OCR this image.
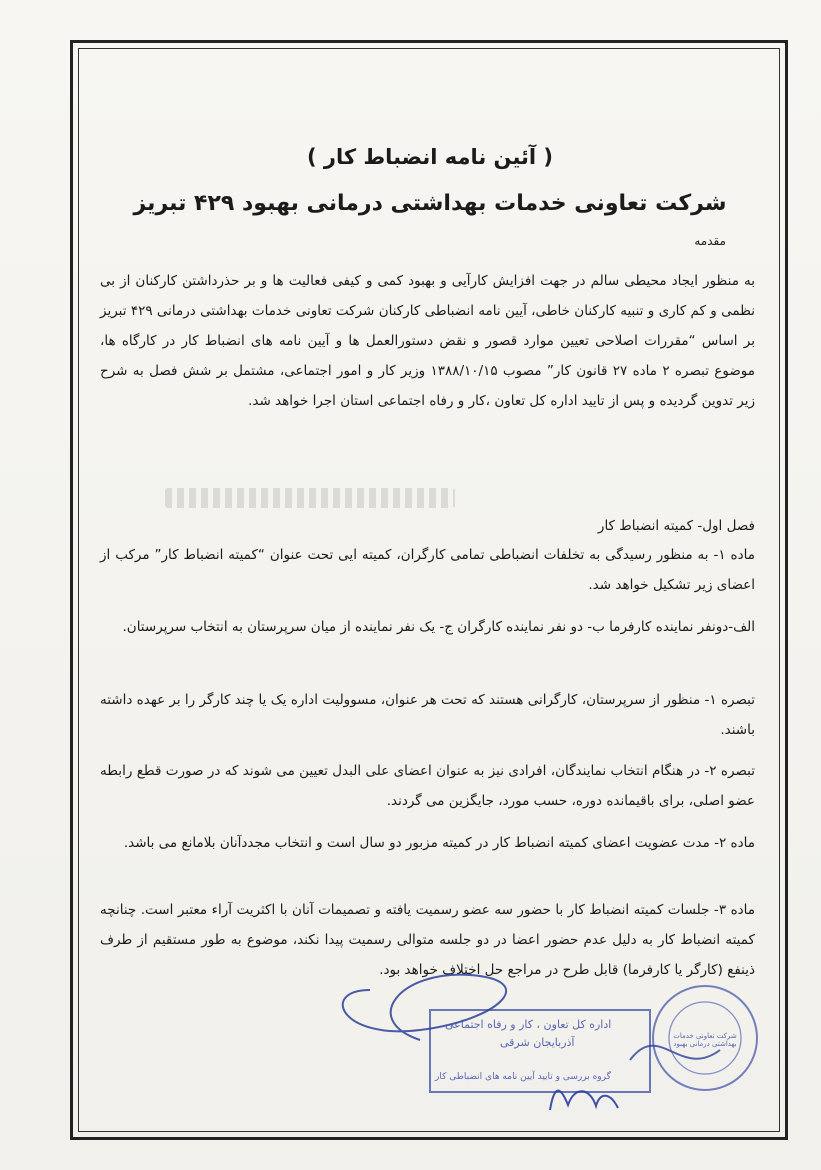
( آئین نامه انضباط کار )
شرکت تعاونی خدمات بهداشتی درمانی بهبود ۴۲۹ تبریز
مقدمه

به منظور ایجاد محیطی سالم در جهت افزایش کارآیی و بهبود کمی و کیفی فعالیت ها و بر حذرداشتن کارکنان از بی نظمی و کم کاری و تنبیه کارکنان خاطی، آیین نامه انضباطی کارکنان شرکت تعاونی خدمات بهداشتی درمانی ۴۲۹ تبریز بر اساس “مقررات اصلاحی تعیین موارد قصور و نقض دستورالعمل ها و آیین نامه های انضباط کار در کارگاه ها، موضوع تبصره ۲ ماده ۲۷ قانون کار” مصوب ۱۳۸۸/۱۰/۱۵ وزیر کار و امور اجتماعی، مشتمل بر شش فصل به شرح زیر تدوین گردیده و پس از تایید اداره کل تعاون ،کار و رفاه اجتماعی استان اجرا خواهد شد.

فصل اول- کمیته انضباط کار

ماده ۱- به منظور رسیدگی به تخلفات انضباطی تمامی کارگران، کمیته ایی تحت عنوان “کمیته انضباط کار” مرکب از اعضای زیر تشکیل خواهد شد.

الف-دونفر نماینده کارفرما ب- دو نفر نماینده کارگران ج- یک نفر نماینده از میان سرپرستان به انتخاب سرپرستان.

تبصره ۱- منظور از سرپرستان، کارگرانی هستند که تحت هر عنوان، مسوولیت اداره یک یا چند کارگر را بر عهده داشته باشند.

تبصره ۲- در هنگام انتخاب نمایندگان، افرادی نیز به عنوان اعضای علی البدل تعیین می شوند که در صورت قطع رابطه عضو اصلی، برای باقیمانده دوره، حسب مورد، جایگزین می گردند.

ماده ۲- مدت عضویت اعضای کمیته انضباط کار در کمیته مزبور دو سال است و انتخاب مجددآنان بلامانع می باشد.

ماده ۳- جلسات کمیته انضباط کار با حضور سه عضو رسمیت یافته و تصمیمات آنان با اکثریت آراء معتبر است. چنانچه کمیته انضباط کار به دلیل عدم حضور اعضا در دو جلسه متوالی رسمیت پیدا نکند، موضوع به طور مستقیم از طرف ذینفع (کارگر یا کارفرما) قابل طرح در مراجع حل اختلاف خواهد بود.

اداره کل تعاون ، کار و رفاه اجتماعی
آذربایجان شرقی
گروه بررسی و تایید آیین نامه های انضباطی کار
شرکت تعاونی خدمات بهداشتی درمانی بهبود
